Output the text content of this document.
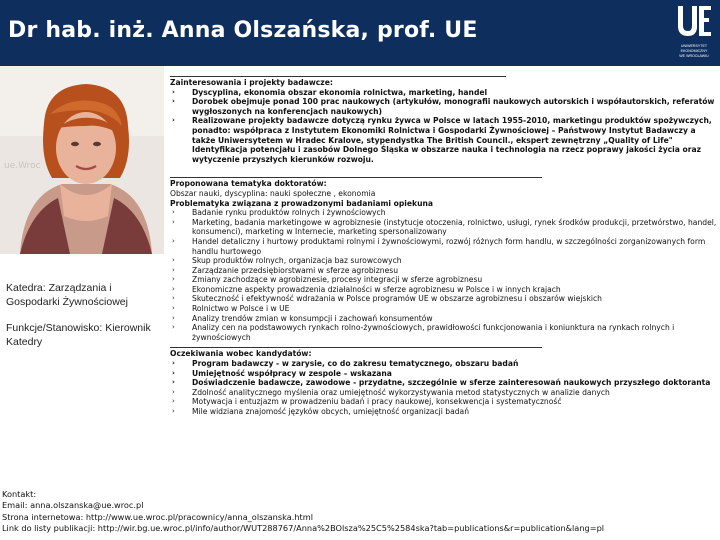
Dr hab. inż. Anna Olszańska, prof. UE
UNIWERSYTET
EKONOMICZNY
WE WROCŁAWIU
ue.Wroc
Katedra: Zarządzania i Gospodarki Żywnościowej
Funkcje/Stanowisko: Kierownik Katedry
Zainteresowania i projekty badawcze:
› Dyscyplina, ekonomia obszar ekonomia rolnictwa, marketing, handel
› Dorobek obejmuje ponad 100 prac naukowych (artykułów, monografii naukowych autorskich i współautorskich, referatów wygłoszonych na konferencjach naukowych)
› Realizowane projekty badawcze dotyczą rynku żywca w Polsce w latach 1955-2010, marketingu produktów spożywczych, ponadto: współpraca z Instytutem Ekonomiki Rolnictwa i Gospodarki Żywnościowej – Państwowy Instytut Badawczy a także Uniwersytetem w Hradec Kralove, stypendystka The British Council., ekspert zewnętrzny „Quality of Life" Identyfikacja potencjału i zasobów Dolnego Śląska w obszarze nauka i technologia na rzecz poprawy jakości życia oraz wytyczenie przyszłych kierunków rozwoju.
Proponowana tematyka doktoratów:
Obszar nauki, dyscyplina: nauki społeczne , ekonomia
Problematyka związana z prowadzonymi badaniami opiekuna
› Badanie rynku produktów rolnych i żywnościowych
› Marketing, badania marketingowe w agrobiznesie (instytucje otoczenia, rolnictwo, usługi, rynek środków produkcji, przetwórstwo, handel, konsumenci), marketing w Internecie, marketing spersonalizowany
› Handel detaliczny i hurtowy produktami rolnymi i żywnościowymi, rozwój różnych form handlu, w szczególności zorganizowanych form handlu hurtowego
› Skup produktów rolnych, organizacja baz surowcowych
› Zarządzanie przedsiębiorstwami w sferze agrobiznesu
› Zmiany zachodzące w agrobiznesie, procesy integracji w sferze agrobiznesu
› Ekonomiczne aspekty prowadzenia działalności w sferze agrobiznesu w Polsce i w innych krajach
› Skuteczność i efektywność wdrażania w Polsce programów UE w obszarze agrobiznesu i obszarów wiejskich
› Rolnictwo w Polsce i w UE
› Analizy trendów zmian w konsumpcji i zachowań konsumentów
› Analizy cen na podstawowych rynkach rolno-żywnościowych, prawidłowości funkcjonowania i koniunktura na rynkach rolnych i żywnościowych
Oczekiwania wobec kandydatów:
› Program badawczy - w zarysie, co do zakresu tematycznego, obszaru badań
› Umiejętność współpracy w zespole – wskazana
› Doświadczenie badawcze, zawodowe - przydatne, szczególnie w sferze zainteresowań naukowych przyszłego doktoranta
› Zdolność analitycznego myślenia oraz umiejętność wykorzystywania metod statystycznych w analizie danych
› Motywacja i entuzjazm w prowadzeniu badań i pracy naukowej, konsekwencja i systematyczność
› Mile widziana znajomość języków obcych, umiejętność organizacji badań
Kontakt:
Email: anna.olszanska@ue.wroc.pl
Strona internetowa: http://www.ue.wroc.pl/pracownicy/anna_olszanska.html
Link do listy publikacji: http://wir.bg.ue.wroc.pl/info/author/WUT288767/Anna%2BOlsza%25C5%2584ska?tab=publications&r=publication&lang=pl
